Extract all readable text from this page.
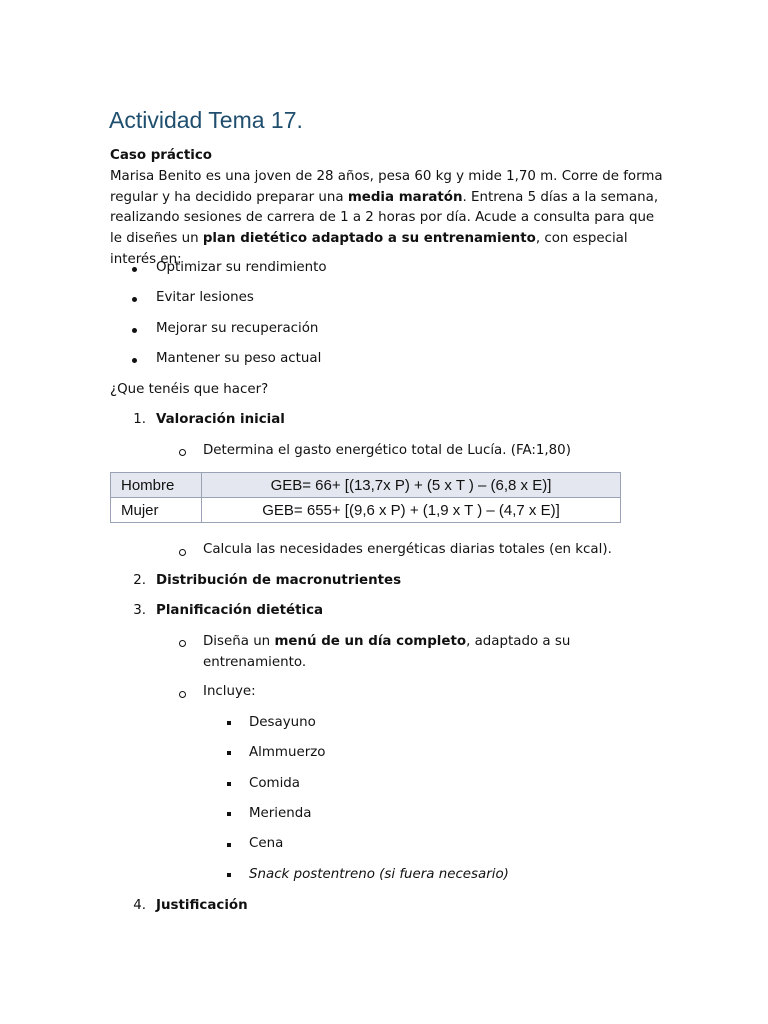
Actividad Tema 17.
Caso práctico
Marisa Benito es una joven de 28 años, pesa 60 kg y mide 1,70 m. Corre de forma regular y ha decidido preparar una media maratón. Entrena 5 días a la semana, realizando sesiones de carrera de 1 a 2 horas por día. Acude a consulta para que le diseñes un plan dietético adaptado a su entrenamiento, con especial interés en:
Optimizar su rendimiento
Evitar lesiones
Mejorar su recuperación
Mantener su peso actual
¿Que tenéis que hacer?
1. Valoración inicial
Determina el gasto energético total de Lucía. (FA:1,80)
Hombre	GEB= 66+ [(13,7x P) + (5 x T ) – (6,8 x E)]
Mujer	GEB= 655+ [(9,6 x P) + (1,9 x T ) – (4,7 x E)]
Calcula las necesidades energéticas diarias totales (en kcal).
2. Distribución de macronutrientes
3. Planificación dietética
Diseña un menú de un día completo, adaptado a su
entrenamiento.
Incluye:
Desayuno
Almmuerzo
Comida
Merienda
Cena
Snack postentreno (si fuera necesario)
4. Justificación
